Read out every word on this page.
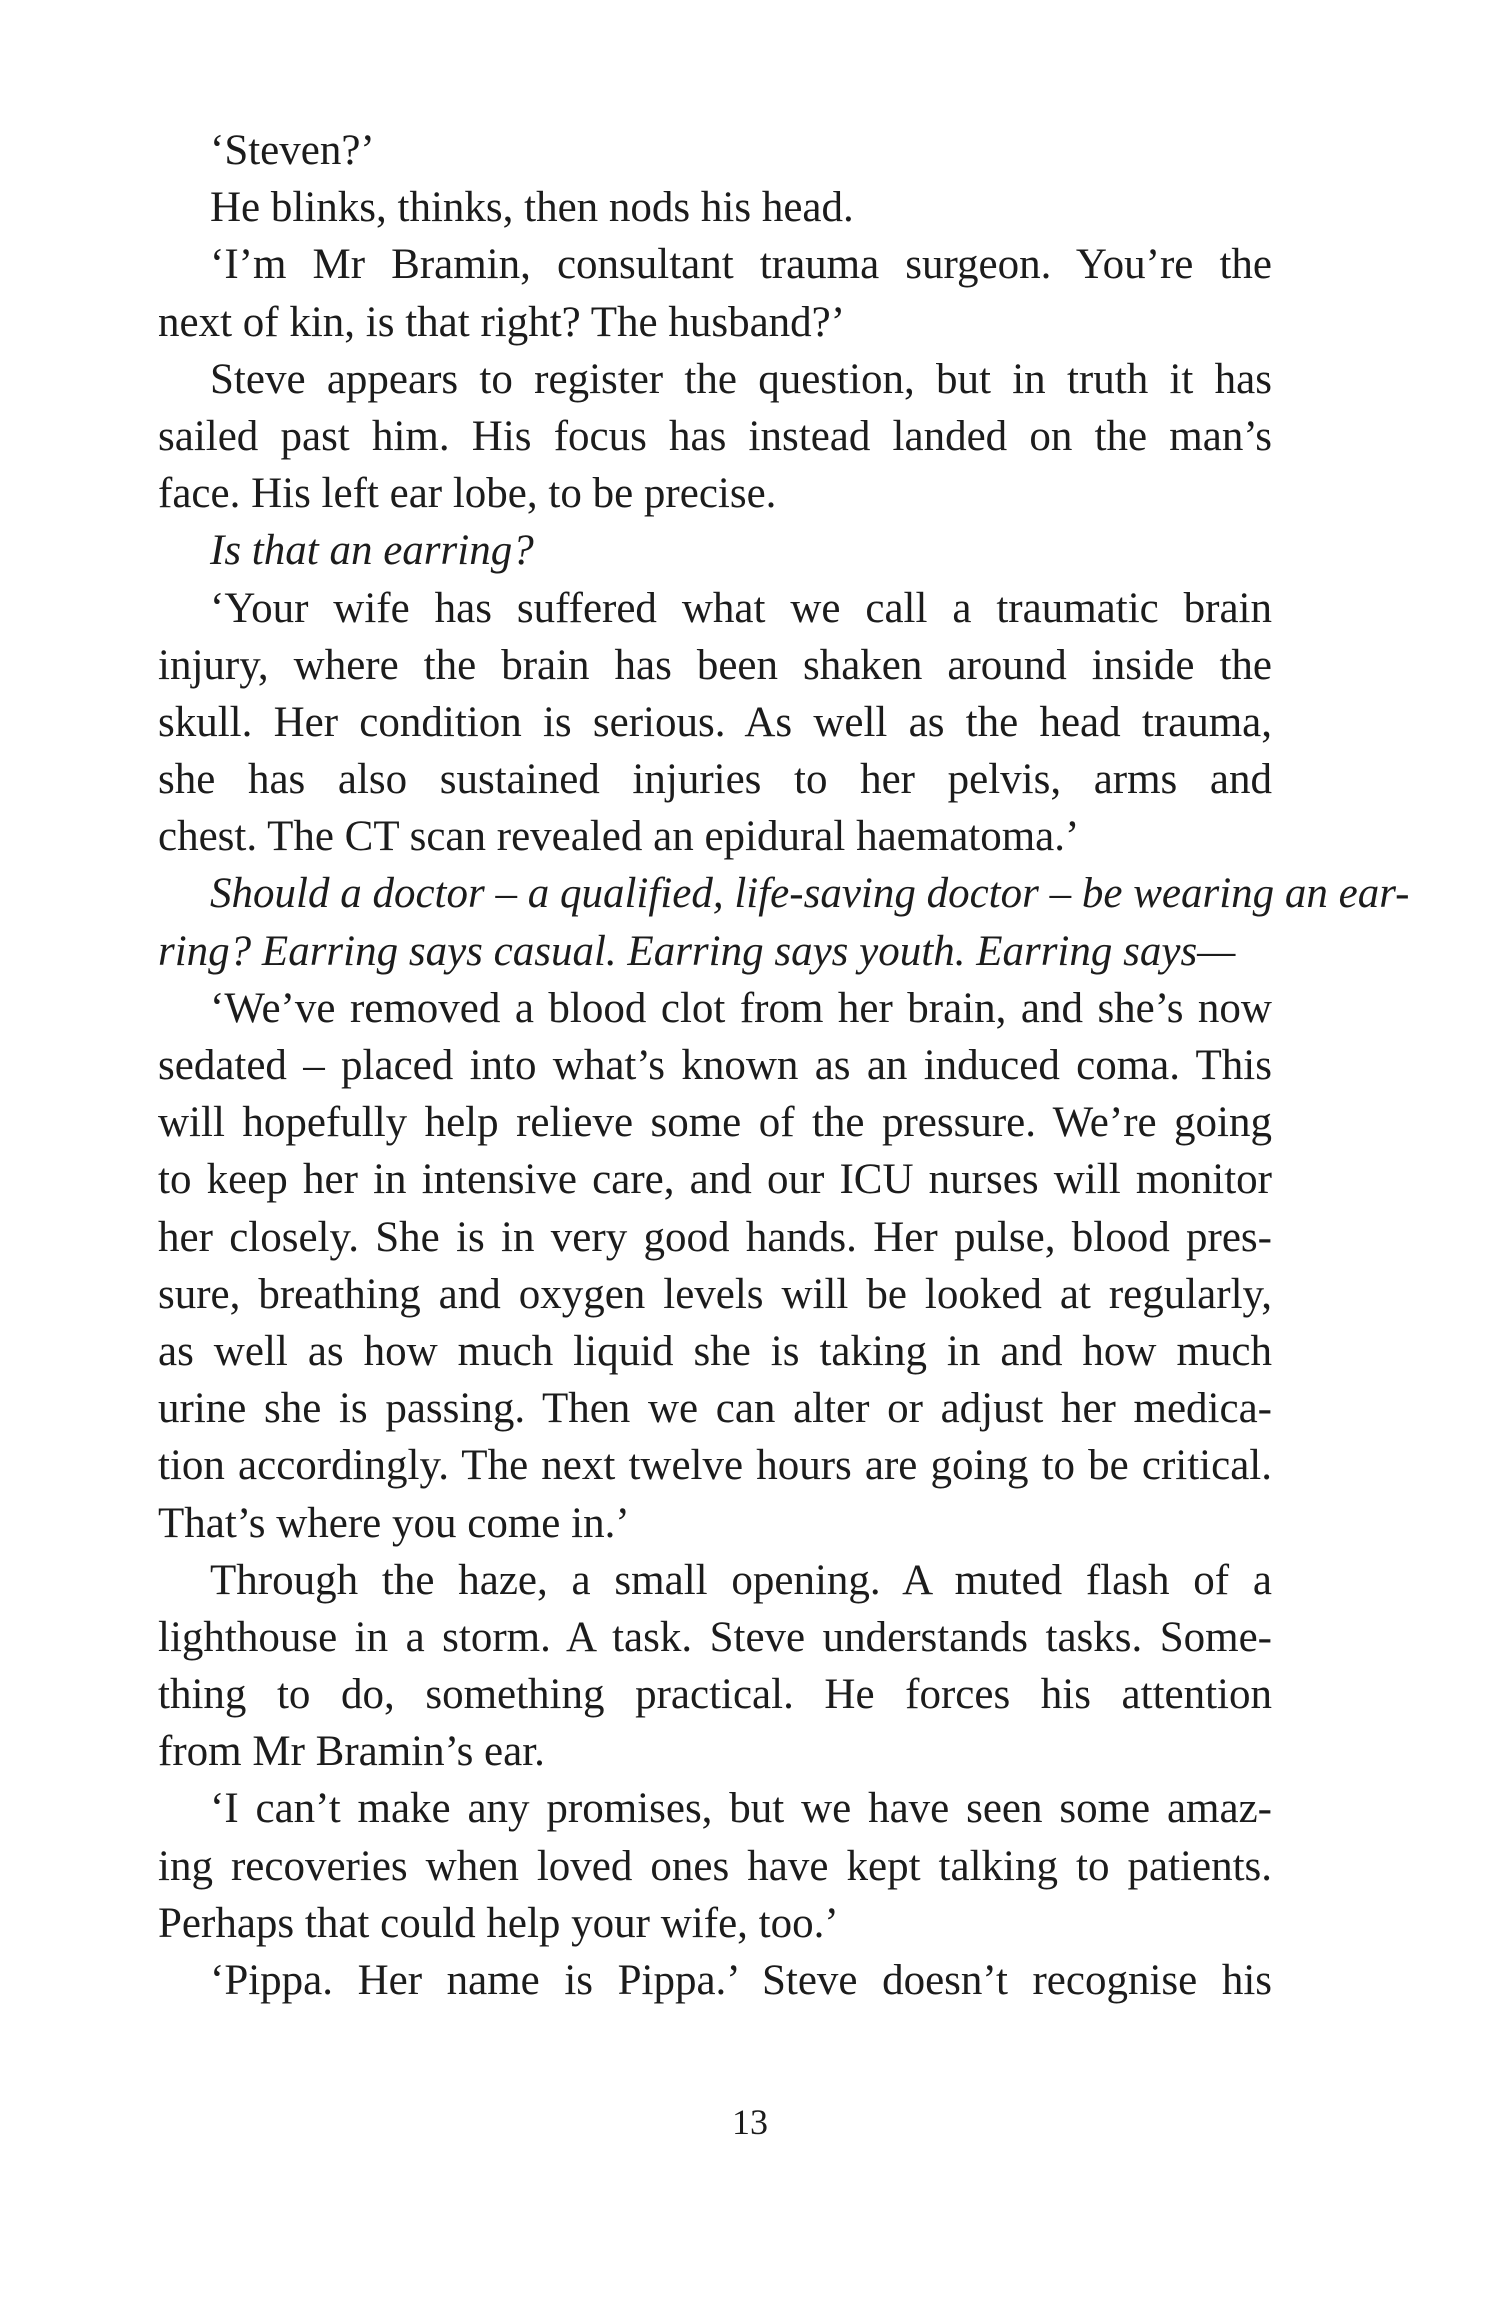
‘Steven?’
He blinks, thinks, then nods his head.
‘I’m Mr Bramin, consultant trauma surgeon. You’re the
next of kin, is that right? The husband?’
Steve appears to register the question, but in truth it has
sailed past him. His focus has instead landed on the man’s
face. His left ear lobe, to be precise.
Is that an earring?
‘Your wife has suffered what we call a traumatic brain
injury, where the brain has been shaken around inside the
skull. Her condition is serious. As well as the head trauma,
she has also sustained injuries to her pelvis, arms and
chest. The CT scan revealed an epidural haematoma.’
Should a doctor – a qualified, life-saving doctor – be wearing an ear-
ring? Earring says casual. Earring says youth. Earring says—
‘We’ve removed a blood clot from her brain, and she’s now
sedated – placed into what’s known as an induced coma. This
will hopefully help relieve some of the pressure. We’re going
to keep her in intensive care, and our ICU nurses will monitor
her closely. She is in very good hands. Her pulse, blood pres-
sure, breathing and oxygen levels will be looked at regularly,
as well as how much liquid she is taking in and how much
urine she is passing. Then we can alter or adjust her medica-
tion accordingly. The next twelve hours are going to be critical.
That’s where you come in.’
Through the haze, a small opening. A muted flash of a
lighthouse in a storm. A task. Steve understands tasks. Some-
thing to do, something practical. He forces his attention
from Mr Bramin’s ear.
‘I can’t make any promises, but we have seen some amaz-
ing recoveries when loved ones have kept talking to patients.
Perhaps that could help your wife, too.’
‘Pippa. Her name is Pippa.’ Steve doesn’t recognise his
13
